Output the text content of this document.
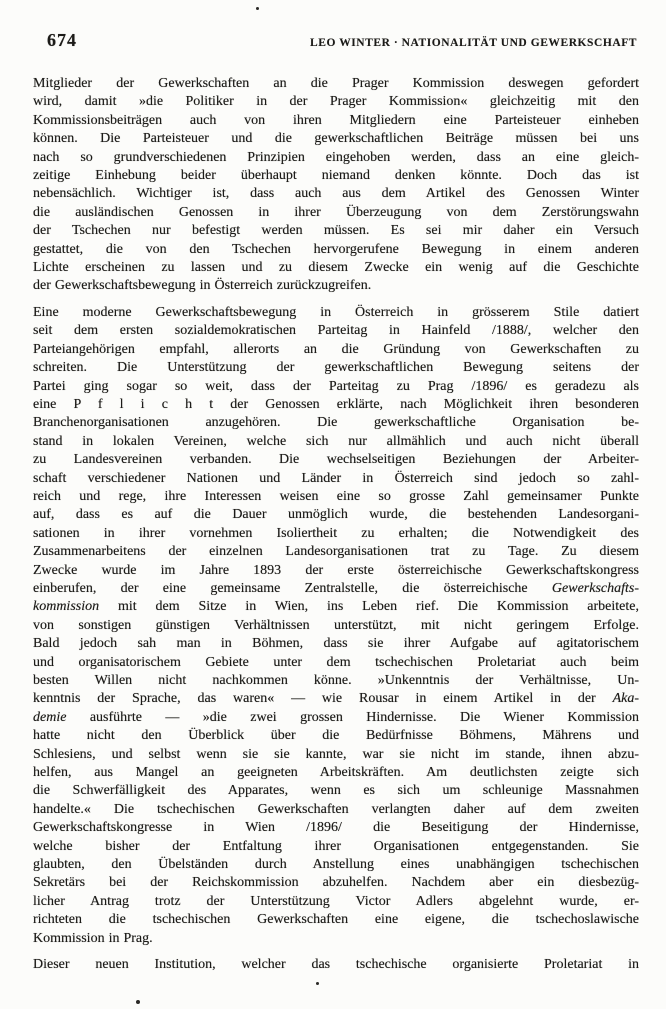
674	LEO WINTER · NATIONALITÄT UND GEWERKSCHAFT
Mitglieder der Gewerkschaften an die Prager Kommission deswegen gefordert
wird, damit »die Politiker in der Prager Kommission« gleichzeitig mit den
Kommissionsbeiträgen auch von ihren Mitgliedern eine Parteisteuer einheben
können. Die Parteisteuer und die gewerkschaftlichen Beiträge müssen bei uns
nach so grundverschiedenen Prinzipien eingehoben werden, dass an eine gleich-
zeitige Einhebung beider überhaupt niemand denken könnte. Doch das ist
nebensächlich. Wichtiger ist, dass auch aus dem Artikel des Genossen Winter
die ausländischen Genossen in ihrer Überzeugung von dem Zerstörungswahn
der Tschechen nur befestigt werden müssen. Es sei mir daher ein Versuch
gestattet, die von den Tschechen hervorgerufene Bewegung in einem anderen
Lichte erscheinen zu lassen und zu diesem Zwecke ein wenig auf die Geschichte
der Gewerkschaftsbewegung in Österreich zurückzugreifen.
Eine moderne Gewerkschaftsbewegung in Österreich in grösserem Stile datiert
seit dem ersten sozialdemokratischen Parteitag in Hainfeld /1888/, welcher den
Parteiangehörigen empfahl, allerorts an die Gründung von Gewerkschaften zu
schreiten. Die Unterstützung der gewerkschaftlichen Bewegung seitens der
Partei ging sogar so weit, dass der Parteitag zu Prag /1896/ es geradezu als
eine P f l i c h t der Genossen erklärte, nach Möglichkeit ihren besonderen
Branchenorganisationen anzugehören. Die gewerkschaftliche Organisation be-
stand in lokalen Vereinen, welche sich nur allmählich und auch nicht überall
zu Landesvereinen verbanden. Die wechselseitigen Beziehungen der Arbeiter-
schaft verschiedener Nationen und Länder in Österreich sind jedoch so zahl-
reich und rege, ihre Interessen weisen eine so grosse Zahl gemeinsamer Punkte
auf, dass es auf die Dauer unmöglich wurde, die bestehenden Landesorgani-
sationen in ihrer vornehmen Isoliertheit zu erhalten; die Notwendigkeit des
Zusammenarbeitens der einzelnen Landesorganisationen trat zu Tage. Zu diesem
Zwecke wurde im Jahre 1893 der erste österreichische Gewerkschaftskongress
einberufen, der eine gemeinsame Zentralstelle, die österreichische Gewerkschafts-
kommission mit dem Sitze in Wien, ins Leben rief. Die Kommission arbeitete,
von sonstigen günstigen Verhältnissen unterstützt, mit nicht geringem Erfolge.
Bald jedoch sah man in Böhmen, dass sie ihrer Aufgabe auf agitatorischem
und organisatorischem Gebiete unter dem tschechischen Proletariat auch beim
besten Willen nicht nachkommen könne. »Unkenntnis der Verhältnisse, Un-
kenntnis der Sprache, das waren« — wie Rousar in einem Artikel in der Aka-
demie ausführte — »die zwei grossen Hindernisse. Die Wiener Kommission
hatte nicht den Überblick über die Bedürfnisse Böhmens, Mährens und
Schlesiens, und selbst wenn sie sie kannte, war sie nicht im stande, ihnen abzu-
helfen, aus Mangel an geeigneten Arbeitskräften. Am deutlichsten zeigte sich
die Schwerfälligkeit des Apparates, wenn es sich um schleunige Massnahmen
handelte.« Die tschechischen Gewerkschaften verlangten daher auf dem zweiten
Gewerkschaftskongresse in Wien /1896/ die Beseitigung der Hindernisse,
welche bisher der Entfaltung ihrer Organisationen entgegenstanden. Sie
glaubten, den Übelständen durch Anstellung eines unabhängigen tschechischen
Sekretärs bei der Reichskommission abzuhelfen. Nachdem aber ein diesbezüg-
licher Antrag trotz der Unterstützung Victor Adlers abgelehnt wurde, er-
richteten die tschechischen Gewerkschaften eine eigene, die tschechoslawische
Kommission in Prag.
Dieser neuen Institution, welcher das tschechische organisierte Proletariat in
